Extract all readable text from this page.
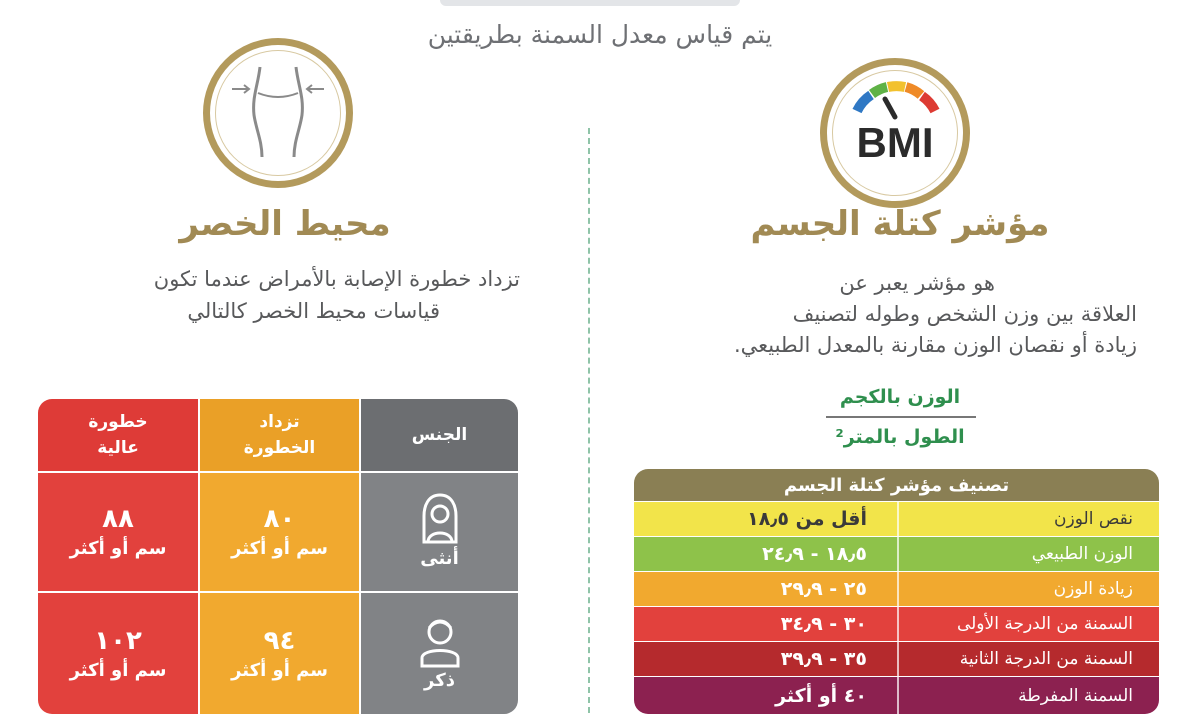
يتم قياس معدل السمنة بطريقتين
BMI
مؤشر كتلة الجسم
هو مؤشر يعبر عن
العلاقة بين وزن الشخص وطوله لتصنيف
زيادة أو نقصان الوزن مقارنة بالمعدل الطبيعي.
الوزن بالكجم
الطول بالمتر²
تصنيف مؤشر كتلة الجسم
نقص الوزن
أقل من ١٨٫٥
الوزن الطبيعي
١٨٫٥ - ٢٤٫٩
زيادة الوزن
٢٥ - ٢٩٫٩
السمنة من الدرجة الأولى
٣٠ - ٣٤٫٩
السمنة من الدرجة الثانية
٣٥ - ٣٩٫٩
السمنة المفرطة
٤٠ أو أكثر
محيط الخصر
تزداد خطورة الإصابة بالأمراض عندما تكون
قياسات محيط الخصر كالتالي
الجنس
تزداد
الخطورة
خطورة
عالية
أنثى
٨٠
سم أو أكثر
٨٨
سم أو أكثر
ذكر
٩٤
سم أو أكثر
١٠٢
سم أو أكثر
